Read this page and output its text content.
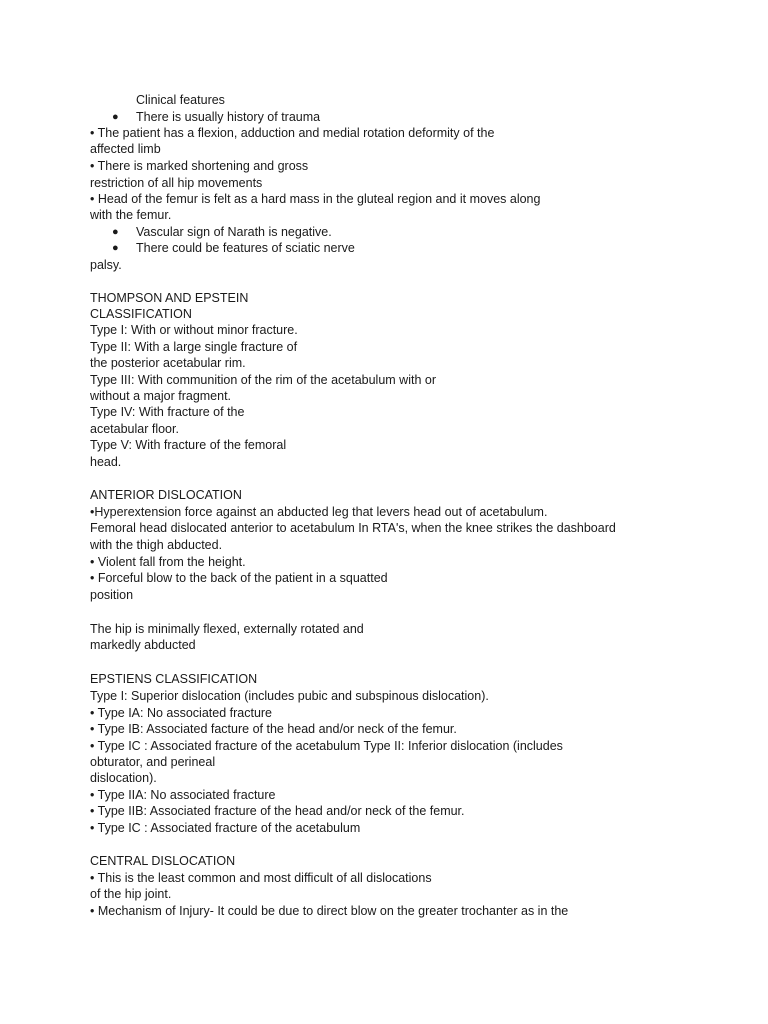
Clinical features
● There is usually history of trauma
• The patient has a flexion, adduction and medial rotation deformity of the
affected limb
• There is marked shortening and gross
restriction of all hip movements
• Head of the femur is felt as a hard mass in the gluteal region and it moves along
with the femur.
● Vascular sign of Narath is negative.
● There could be features of sciatic nerve
palsy.
THOMPSON AND EPSTEIN
CLASSIFICATION
Type I: With or without minor fracture.
Type II: With a large single fracture of
the posterior acetabular rim.
Type III: With communition of the rim of the acetabulum with or
without a major fragment.
Type IV: With fracture of the
acetabular floor.
Type V: With fracture of the femoral
head.
ANTERIOR DISLOCATION
•Hyperextension force against an abducted leg that levers head out of acetabulum.
Femoral head dislocated anterior to acetabulum In RTA's, when the knee strikes the dashboard
with the thigh abducted.
• Violent fall from the height.
• Forceful blow to the back of the patient in a squatted
position
The hip is minimally flexed, externally rotated and
markedly abducted
EPSTIENS CLASSIFICATION
Type I: Superior dislocation (includes pubic and subspinous dislocation).
• Type IA: No associated fracture
• Type IB: Associated facture of the head and/or neck of the femur.
• Type IC : Associated fracture of the acetabulum Type II: Inferior dislocation (includes
obturator, and perineal
dislocation).
• Type IIA: No associated fracture
• Type IIB: Associated fracture of the head and/or neck of the femur.
• Type IC : Associated fracture of the acetabulum
CENTRAL DISLOCATION
• This is the least common and most difficult of all dislocations
of the hip joint.
• Mechanism of Injury- It could be due to direct blow on the greater trochanter as in the
